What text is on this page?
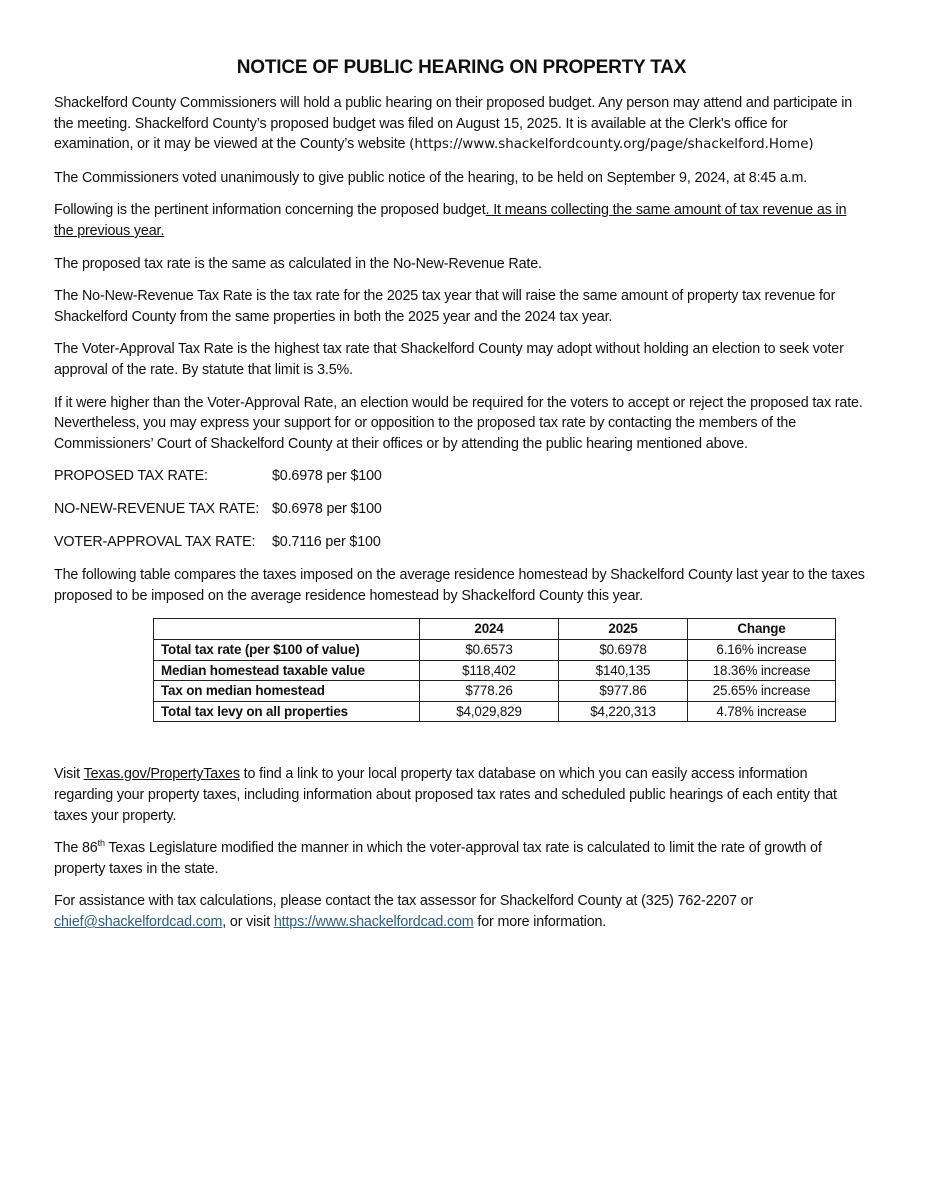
NOTICE OF PUBLIC HEARING ON PROPERTY TAX

Shackelford County Commissioners will hold a public hearing on their proposed budget. Any person may attend and participate in the meeting. Shackelford County’s proposed budget was filed on August 15, 2025. It is available at the Clerk's office for examination, or it may be viewed at the County’s website (https://www.shackelfordcounty.org/page/shackelford.Home)

The Commissioners voted unanimously to give public notice of the hearing, to be held on September 9, 2024, at 8:45 a.m.

Following is the pertinent information concerning the proposed budget. It means collecting the same amount of tax revenue as in the previous year.

The proposed tax rate is the same as calculated in the No-New-Revenue Rate.

The No-New-Revenue Tax Rate is the tax rate for the 2025 tax year that will raise the same amount of property tax revenue for Shackelford County from the same properties in both the 2025 year and the 2024 tax year.

The Voter-Approval Tax Rate is the highest tax rate that Shackelford County may adopt without holding an election to seek voter approval of the rate. By statute that limit is 3.5%.

If it were higher than the Voter-Approval Rate, an election would be required for the voters to accept or reject the proposed tax rate. Nevertheless, you may express your support for or opposition to the proposed tax rate by contacting the members of the Commissioners’ Court of Shackelford County at their offices or by attending the public hearing mentioned above.

PROPOSED TAX RATE:	$0.6978 per $100
NO-NEW-REVENUE TAX RATE: $0.6978 per $100
VOTER-APPROVAL TAX RATE:	$0.7116 per $100

The following table compares the taxes imposed on the average residence homestead by Shackelford County last year to the taxes proposed to be imposed on the average residence homestead by Shackelford County this year.

	2024	2025	Change
Total tax rate (per $100 of value)	$0.6573	$0.6978	6.16% increase
Median homestead taxable value	$118,402	$140,135	18.36% increase
Tax on median homestead	$778.26	$977.86	25.65% increase
Total tax levy on all properties	$4,029,829	$4,220,313	4.78% increase

Visit Texas.gov/PropertyTaxes to find a link to your local property tax database on which you can easily access information regarding your property taxes, including information about proposed tax rates and scheduled public hearings of each entity that taxes your property.

The 86th Texas Legislature modified the manner in which the voter-approval tax rate is calculated to limit the rate of growth of property taxes in the state.

For assistance with tax calculations, please contact the tax assessor for Shackelford County at (325) 762-2207 or chief@shackelfordcad.com, or visit https://www.shackelfordcad.com for more information.
